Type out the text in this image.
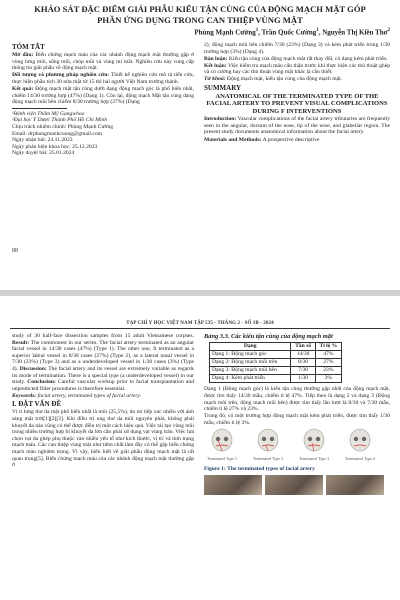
KHẢO SÁT ĐẶC ĐIỂM GIẢI PHẪU KIỂU TẬN CÙNG CỦA ĐỘNG MẠCH MẶT GÓP PHẦN ỨNG DỤNG TRONG CAN THIỆP VÙNG MẶT
Phùng Mạnh Cường$^1$, Trần Quốc Cường$^1$, Nguyễn Thị Kiều Thơ$^2$
TÓM TẮT

Mở đầu: Biến chứng mạch máu của các nhánh động mạch mặt thường gặp ở vùng lưng mũi, sống mũi, chóp mũi và vùng mí mắt. Nghiên cứu này cung cấp thông tin giải phẫu về động mạch mặt.

Đối tượng và phương pháp nghiên cứu: Thiết kế nghiên cứu mô tả tiến cứu, thực hiện phẫu tích 30 nửa mặt từ 15 thi hài người Việt Nam trưởng thành.

Kết quả: Động mạch mặt tận cùng dưới dạng động mạch góc là phổ biến nhất, chiếm 14/30 trường hợp (47%) (Dạng 1). Còn lại, động mạch Mặt tận cùng dạng động mạch mũi bên chiếm 8/30 trường hợp (27%) (Dạng

¹Bệnh viện Thẩm Mỹ Gangwhoo
²Đại học Y Dược Thành Phố Hồ Chí Minh
Chịu trách nhiệm chính: Phùng Mạnh Cường
Email: drphungmanhcuong@gmail.com
Ngày nhận bài: 24.11.2023
Ngày phản biện khoa học: 25.12.2023
Ngày duyệt bài: 25.01.2024

2), động mạch mũi bên chiếm 7/30 (23%) (Dạng 3) và kém phát triển trong 1/30 trường hợp (3%) (Dạng 4).

Bàn luận: Kiểu tận cùng của động mạch mặt rất thay đổi, có dạng kém phát triển.

Kết luận: Việc kiểm tra mạch máu cẩn thận trước khi thực hiện các thủ thuật ghép và có cường hay các thủ thuật vùng mặt khác là cần thiết.

Từ khoá: Động mạch mặt, kiểu tận cùng của động mạch mặt.

SUMMARY
ANATOMICAL OF THE TERMINATED TYPE OF THE FACIAL ARTERY TO PREVENT VISUAL COMPLICATIONS DURING F INTERVENTIONS

Introduction: Vascular complications of the facial artery tributaries are frequently seen in the angular, dorsum of the nose, tip of the nose, and glabellar region. The present study documents anatomical information about the facial artery.

Materials and Methods: A prospective descriptive

88
TẠP CHÍ Y HỌC VIỆT NAM TẬP 535 - THÁNG 2 - SỐ 1B - 2024

study of 30 half-face dissection samples from 15 adult Vietnamese corpses. Result: The commonest in our series. The facial artery terminated as an angular facial vessel in 14/30 cases (47%) (Type 1). The other one, It terminated as a superior labial vessel in 8/30 cases (27%) (Type 2), as a lateral nasal vessel in 7/30 (23%) (Type 3) and as a underdeveloped vessel in 1/30 cases (3%) (Type 4). Discussion: The facial artery and its vessel are extremely variable as regards its mode of termination. There is a special type (a underdeveloped vessel) in our study. Conclusion: Careful vascular workup prior to facial transplantation and unpredicted filler procedures is therefore essential.

Keywords: facial artery, terminated types of facial artery.

I. ĐẶT VẤN ĐỀ

Vì tỉ lưng thư da mặt phổ biến nhất là mũi (25,5%), do nó tiếp xúc nhiều với ánh sáng mặt trời[1][2][3]. Khi điều trị ung thư da mũi nguyên phát, không phải khuyết da nào cũng có thể được điều trị một cách hiệu quả. Việc tái tạo vùng mũi trong nhiều trường hợp bị khuyết da lớn cần phải sử dụng vạt vùng trán. Việc lựa chọn vạt da ghép phụ thuộc vào nhiều yếu tố như kích thước, vị trí và tình trạng mạch máu. Các can thiệp vùng mặt như tiêm chất làm đầy có thể gặp biến chứng mạch máu nghiêm trọng. Vì vậy, hiểu biết về giải phẫu động mạch mặt là rất quan trọng[5]. Biến chứng mạch máu của các nhánh động mạch mặt thường gặp ở

Bảng 3.3. Các kiểu tận cùng của động mạch mặt
Dạng	Tần số	Tỉ lệ %
Dạng 1: Động mạch góc	14/30	47%
Dạng 2: Động mạch môi trên	8/30	27%
Dạng 3: Động mạch mũi bên	7/30	23%
Dạng 4: Kém phát triển	1/30	3%

Dạng 1 (Động mạch góc) là kiểu tận cùng thường gặp nhất của động mạch mặt, được tìm thấy 14/30 mẫu, chiếm tỉ lệ 47%. Tiếp theo là dạng 2 và dạng 3 (Động mạch môi trên, động mạch mũi bên) được tìm thấy lần lượt là 8/30 và 7/30 mẫu, chiếm tỉ lệ 27% và 23%.

Trong đó, có một trường hợp động mạch mặt kém phát triển, được tìm thấy 1/30 mẫu, chiếm tỉ lệ 3%.

Terminated Type 1	Terminated Type 2	Terminated Type 3	Terminated Type 4
Figure 1: The terminated types of facial artery
